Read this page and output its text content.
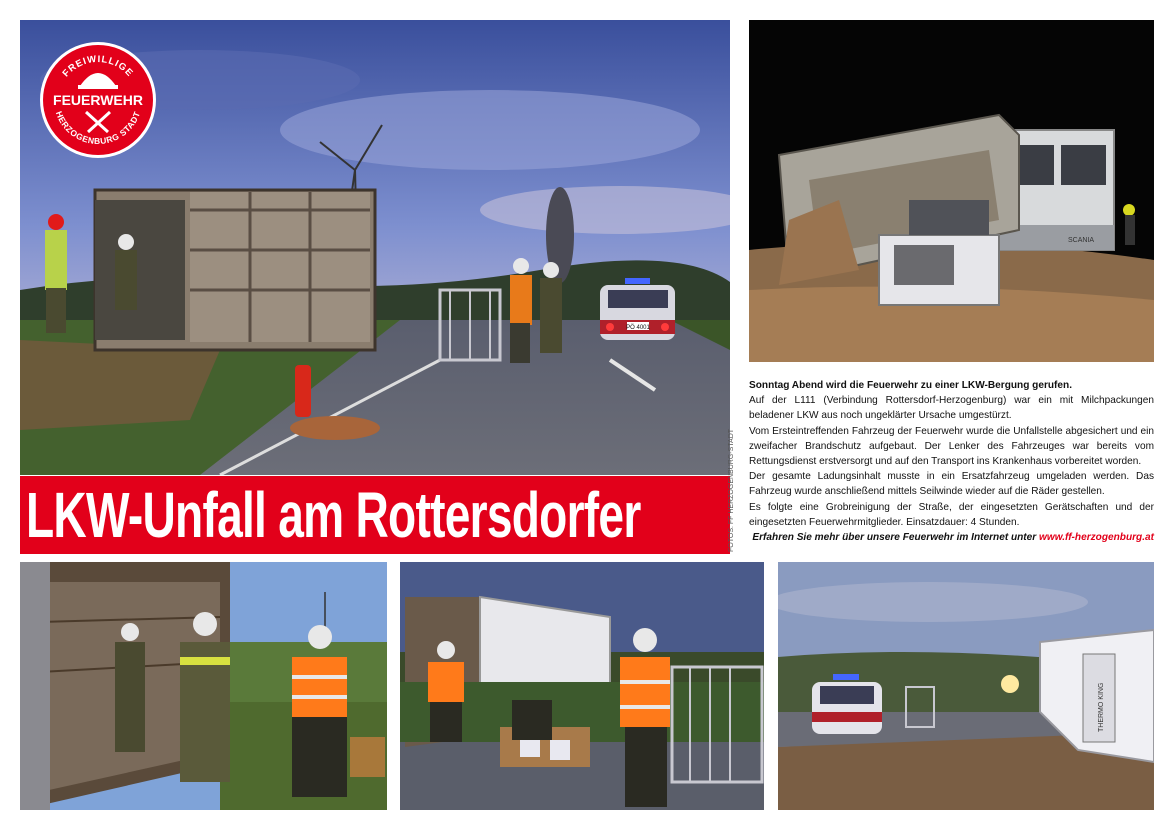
PÖ 4001
FREIWILLIGE
FEUERWEHR
HERZOGENBURG STADT
SCANIA
LKW-Unfall am Rottersdorfer	FOTOS: FF HERZOGENBURG-STADT

Sonntag Abend wird die Feuerwehr zu einer LKW-Bergung gerufen.

Auf der L111 (Verbindung Rottersdorf-Herzogenburg) war ein mit Milchpackungen beladener LKW aus noch ungeklärter Ursache umgestürzt.

Vom Ersteintreffenden Fahrzeug der Feuerwehr wurde die Unfallstelle abgesichert und ein zweifacher Brandschutz aufgebaut. Der Lenker des Fahrzeuges war bereits vom Rettungsdienst erstversorgt und auf den Transport ins Krankenhaus vorbereitet worden.

Der gesamte Ladungsinhalt musste in ein Ersatzfahrzeug umgeladen werden. Das Fahrzeug wurde anschließend mittels Seilwinde wieder auf die Räder gestellen.

Es folgte eine Grobreinigung der Straße, der eingesetzten Gerätschaften und der eingesetzten Feuerwehrmitglieder. Einsatzdauer: 4 Stunden.

Erfahren Sie mehr über unsere Feuerwehr im Internet unter www.ff-herzogenburg.at

THERMO KING
